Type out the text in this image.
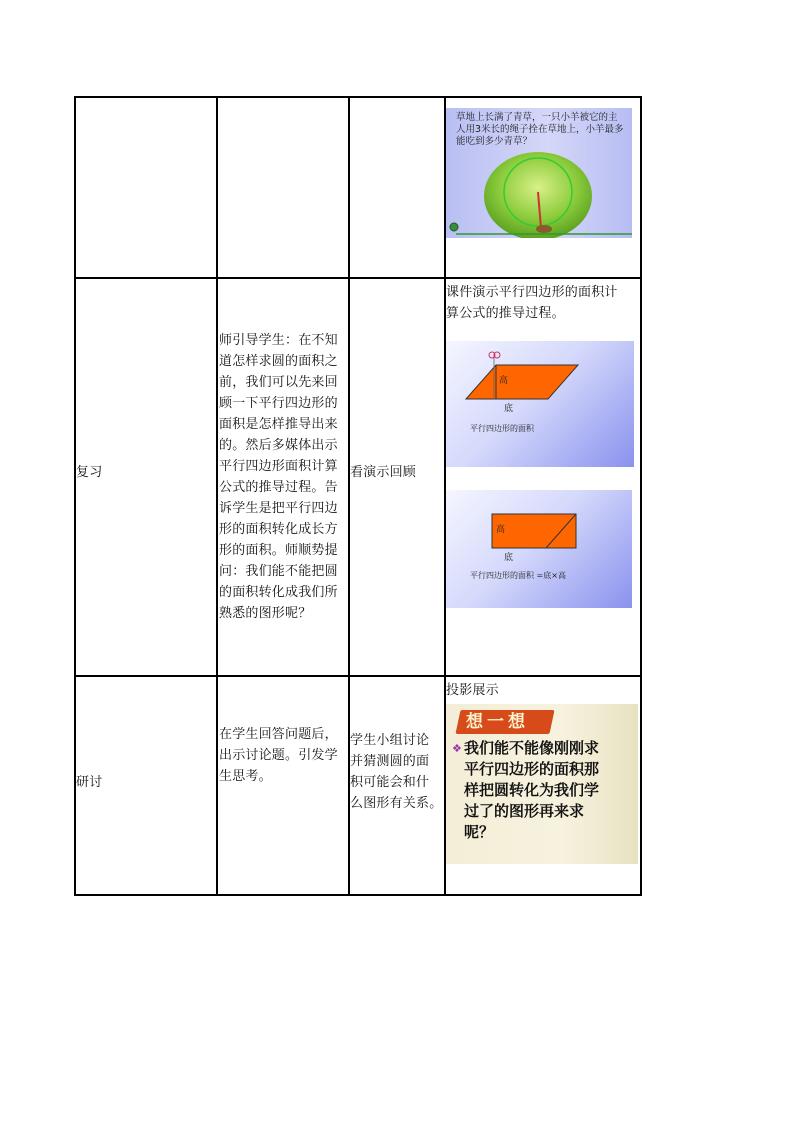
草地上长满了青草，一只小羊被它的主人用3米长的绳子拴在草地上，小羊最多能吃到多少青草？
复习
师引导学生：在不知
道怎样求圆的面积之
前，我们可以先来回
顾一下平行四边形的
面积是怎样推导出来
的。然后多媒体出示
平行四边形面积计算
公式的推导过程。告
诉学生是把平行四边
形的面积转化成长方
形的面积。师顺势提
问：我们能不能把圆
的面积转化成我们所
熟悉的图形呢？
看演示回顾
课件演示平行四边形的面积计
算公式的推导过程。
高
底
平行四边形的面积
高
底
平行四边形的面积 =底×高
研讨
在学生回答问题后，
出示讨论题。引发学
生思考。
学生小组讨论
并猜测圆的面
积可能会和什
么图形有关系。
投影展示
想一想
❖ 我们能不能像刚刚求
平行四边形的面积那
样把圆转化为我们学
过了的图形再来求
呢？
